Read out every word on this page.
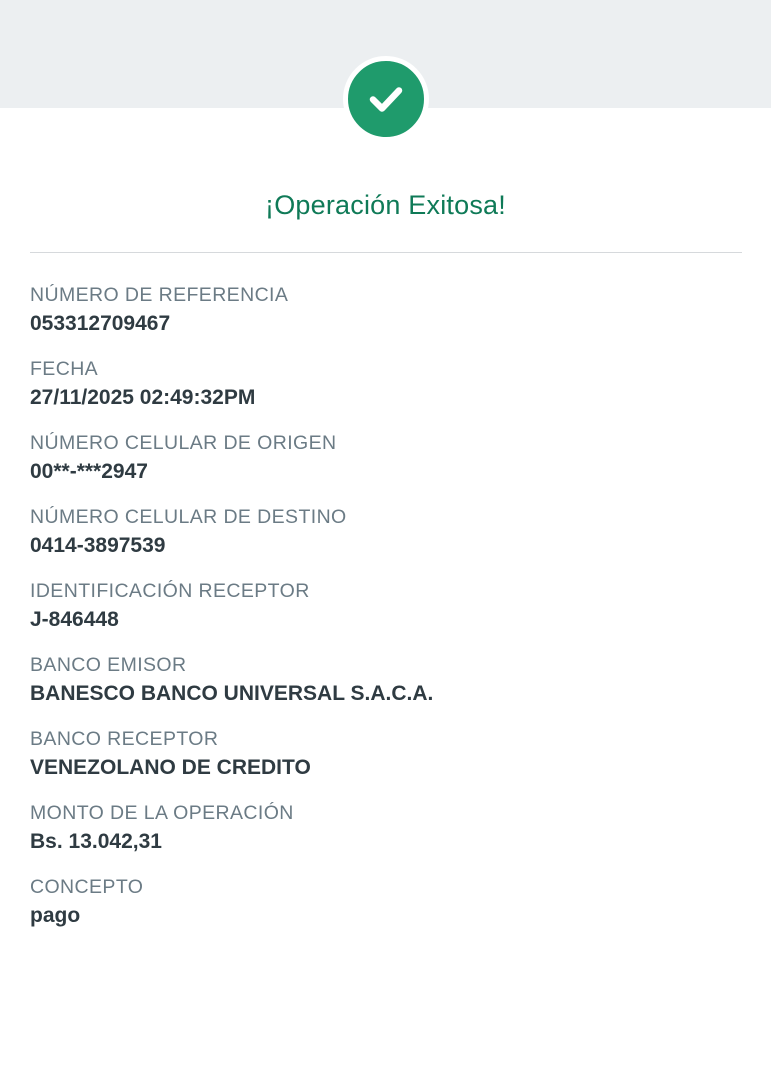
¡Operación Exitosa!
NÚMERO DE REFERENCIA
053312709467
FECHA
27/11/2025 02:49:32PM
NÚMERO CELULAR DE ORIGEN
00**-***2947
NÚMERO CELULAR DE DESTINO
0414-3897539
IDENTIFICACIÓN RECEPTOR
J-846448
BANCO EMISOR
BANESCO BANCO UNIVERSAL S.A.C.A.
BANCO RECEPTOR
VENEZOLANO DE CREDITO
MONTO DE LA OPERACIÓN
Bs. 13.042,31
CONCEPTO
pago
